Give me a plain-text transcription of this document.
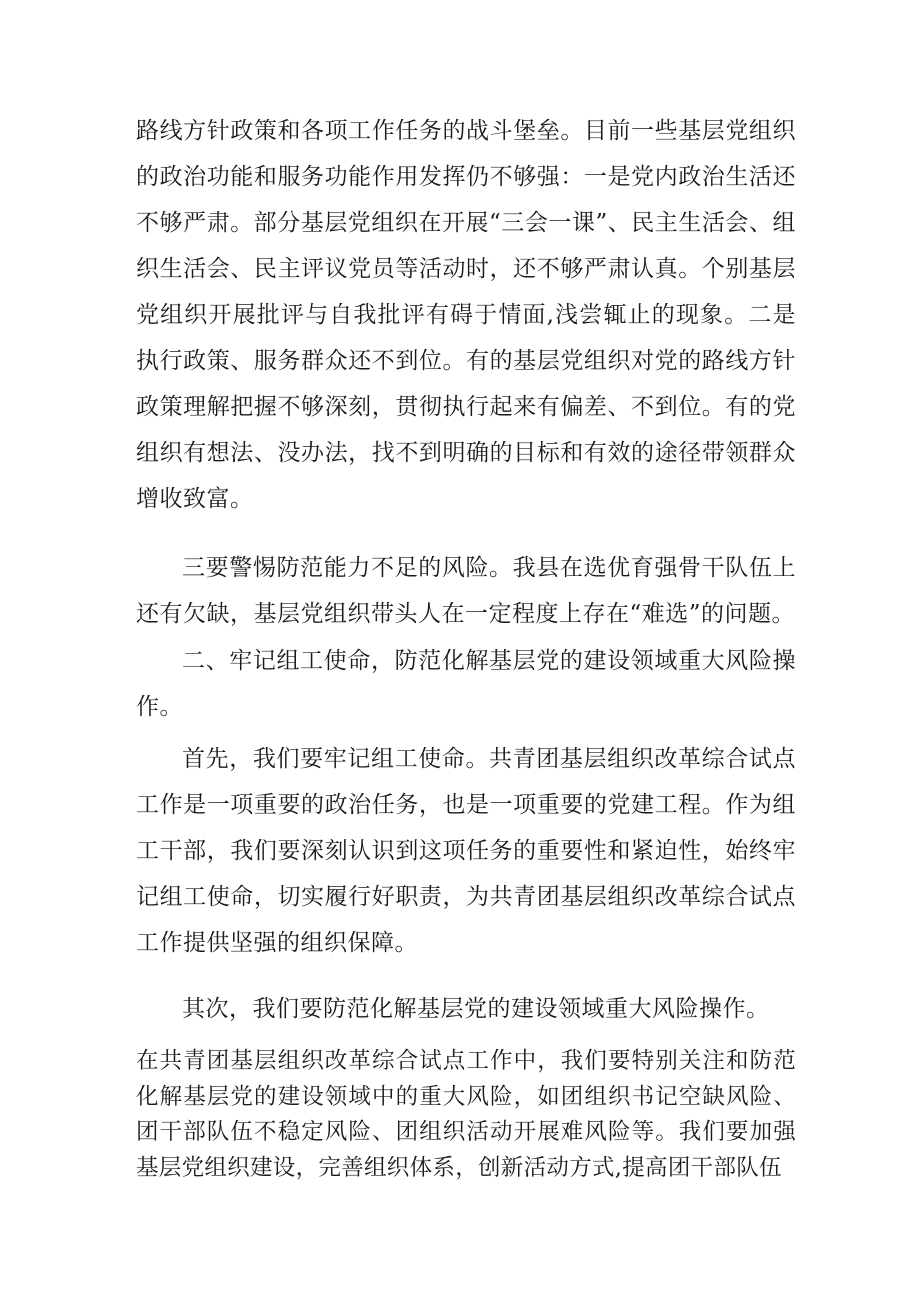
路线方针政策和各项工作任务的战斗堡垒。目前一些基层党组织的政治功能和服务功能作用发挥仍不够强：一是党内政治生活还不够严肃。部分基层党组织在开展“三会一课”、民主生活会、组织生活会、民主评议党员等活动时，还不够严肃认真。个别基层党组织开展批评与自我批评有碍于情面,浅尝辄止的现象。二是执行政策、服务群众还不到位。有的基层党组织对党的路线方针政策理解把握不够深刻，贯彻执行起来有偏差、不到位。有的党组织有想法、没办法，找不到明确的目标和有效的途径带领群众增收致富。

三要警惕防范能力不足的风险。我县在选优育强骨干队伍上还有欠缺，基层党组织带头人在一定程度上存在“难选”的问题。

二、牢记组工使命，防范化解基层党的建设领域重大风险操作。

首先，我们要牢记组工使命。共青团基层组织改革综合试点工作是一项重要的政治任务，也是一项重要的党建工程。作为组工干部，我们要深刻认识到这项任务的重要性和紧迫性，始终牢记组工使命，切实履行好职责，为共青团基层组织改革综合试点工作提供坚强的组织保障。

其次，我们要防范化解基层党的建设领域重大风险操作。

在共青团基层组织改革综合试点工作中，我们要特别关注和防范化解基层党的建设领域中的重大风险，如团组织书记空缺风险、团干部队伍不稳定风险、团组织活动开展难风险等。我们要加强基层党组织建设，完善组织体系，创新活动方式,提高团干部队伍
